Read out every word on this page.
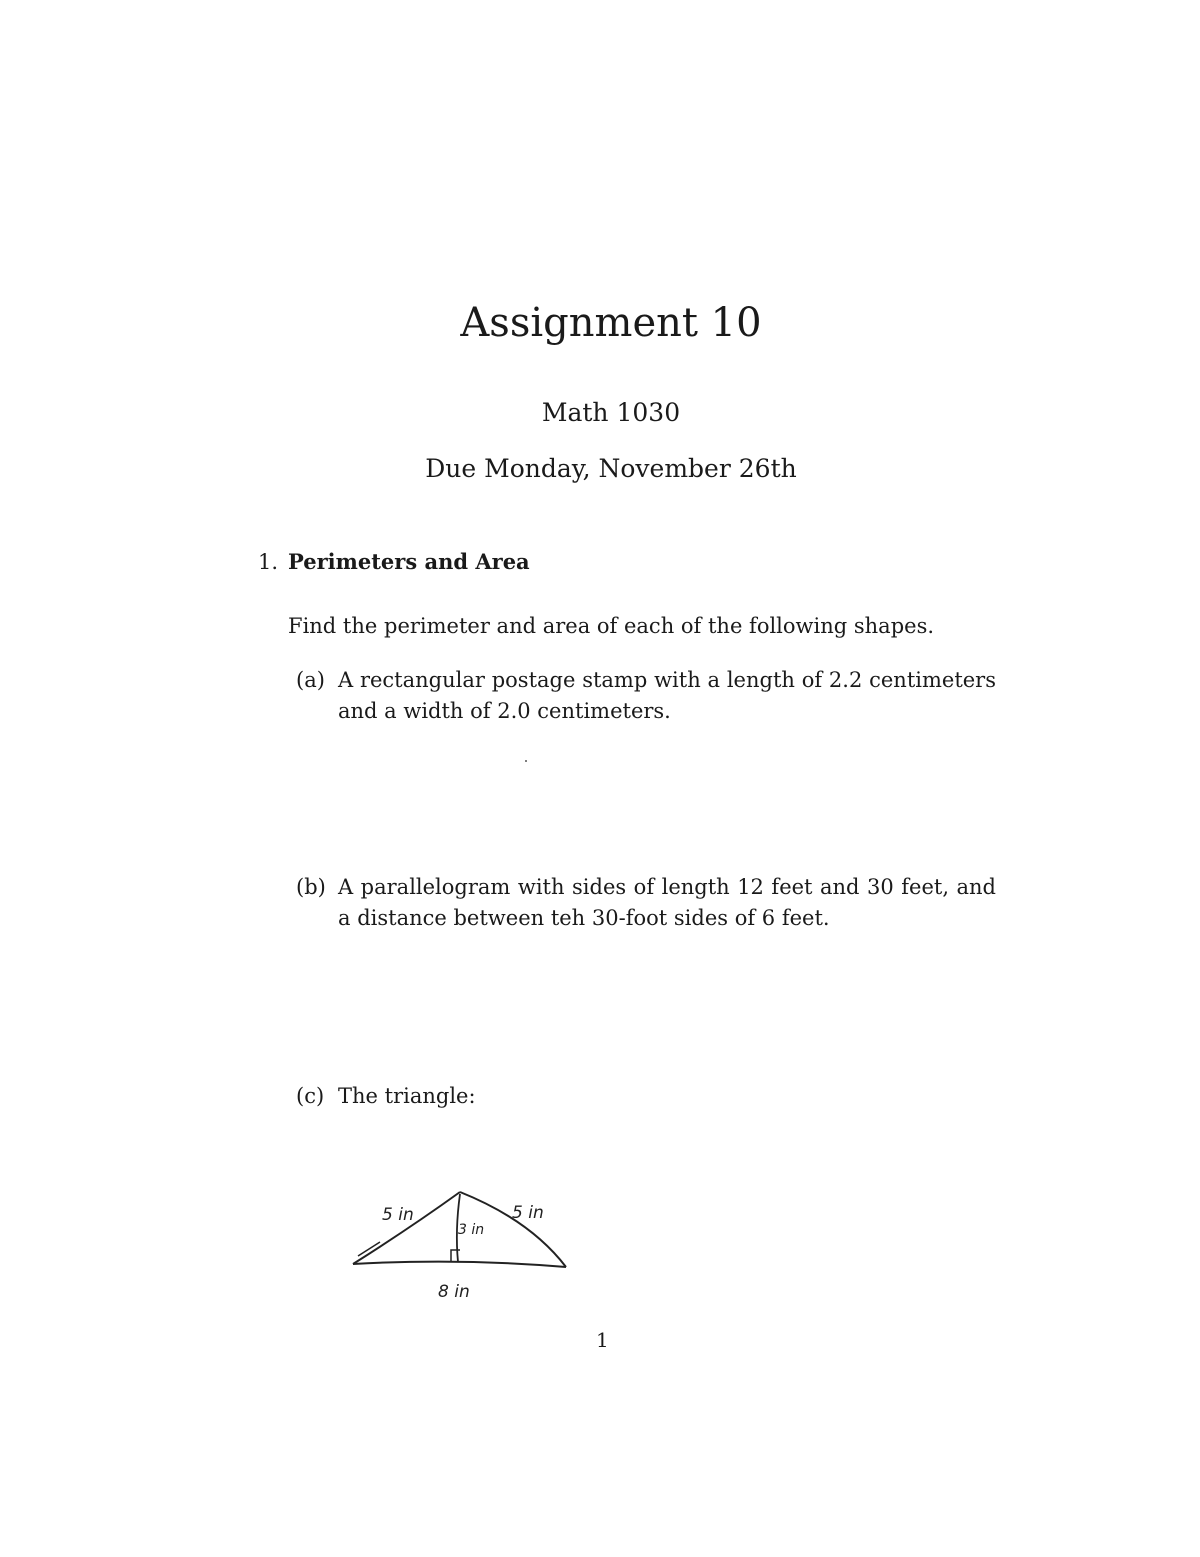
Assignment 10

Math 1030

Due Monday, November 26th

1. Perimeters and Area

Find the perimeter and area of each of the following shapes.

(a) A rectangular postage stamp with a length of 2.2 centimeters and a width of 2.0 centimeters.
(b) A parallelogram with sides of length 12 feet and 30 feet, and a distance between teh 30-foot sides of 6 feet.
(c) The triangle:
5 in	5 in
3 in
8 in

1
